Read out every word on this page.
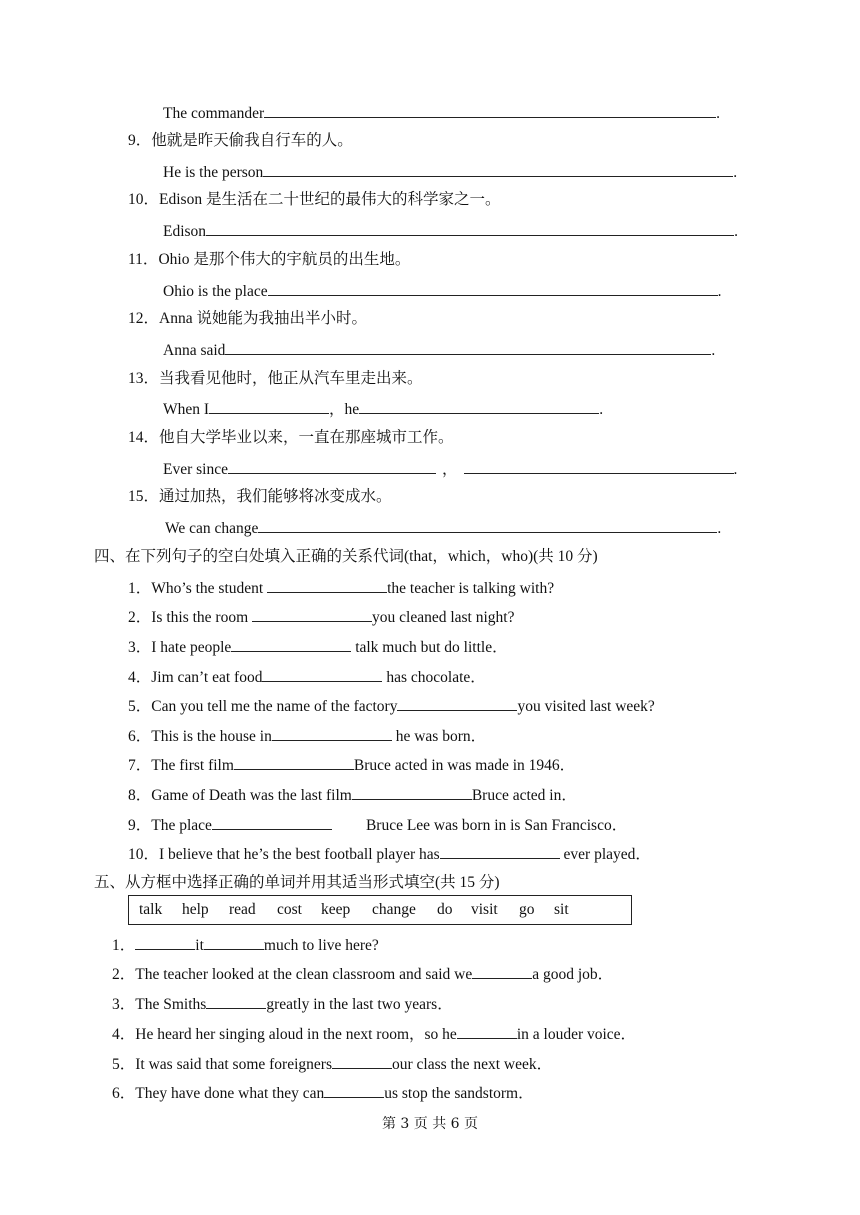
The commander	.
9．他就是昨天偷我自行车的人。
He is the person	.
10．Edison 是生活在二十世纪的最伟大的科学家之一。
Edison	.
11．Ohio 是那个伟大的宇航员的出生地。
Ohio is the place	.
12．Anna 说她能为我抽出半小时。
Anna said	.
13．当我看见他时，他正从汽车里走出来。
When I	，he	.
14．他自大学毕业以来，一直在那座城市工作。
Ever since	，	.
15．通过加热，我们能够将冰变成水。
We can change	.
四、在下列句子的空白处填入正确的关系代词(that，which，who)(共 10 分)
1．Who’s the student	the teacher is talking with?
2．Is this the room	you cleaned last night?
3．I hate people	talk much but do little．
4．Jim can’t eat food	has chocolate．
5．Can you tell me the name of the factory	you visited last week?
6．This is the house in	he was born．
7．The first film	Bruce acted in was made in 1946．
8．Game of Death was the last film	Bruce acted in．
9．The place	Bruce Lee was born in is San Francisco．
10．I believe that he’s the best football player has	ever played．
五、从方框中选择正确的单词并用其适当形式填空(共 15 分)
talk help read cost keep change do visit go sit
1．	it	much to live here?
2．The teacher looked at the clean classroom and said we	a good job．
3．The Smiths	greatly in the last two years．
4．He heard her singing aloud in the next room，so he	in a louder voice．
5．It was said that some foreigners	our class the next week．
6．They have done what they can	us stop the sandstorm．
第 3 页 共 6 页
